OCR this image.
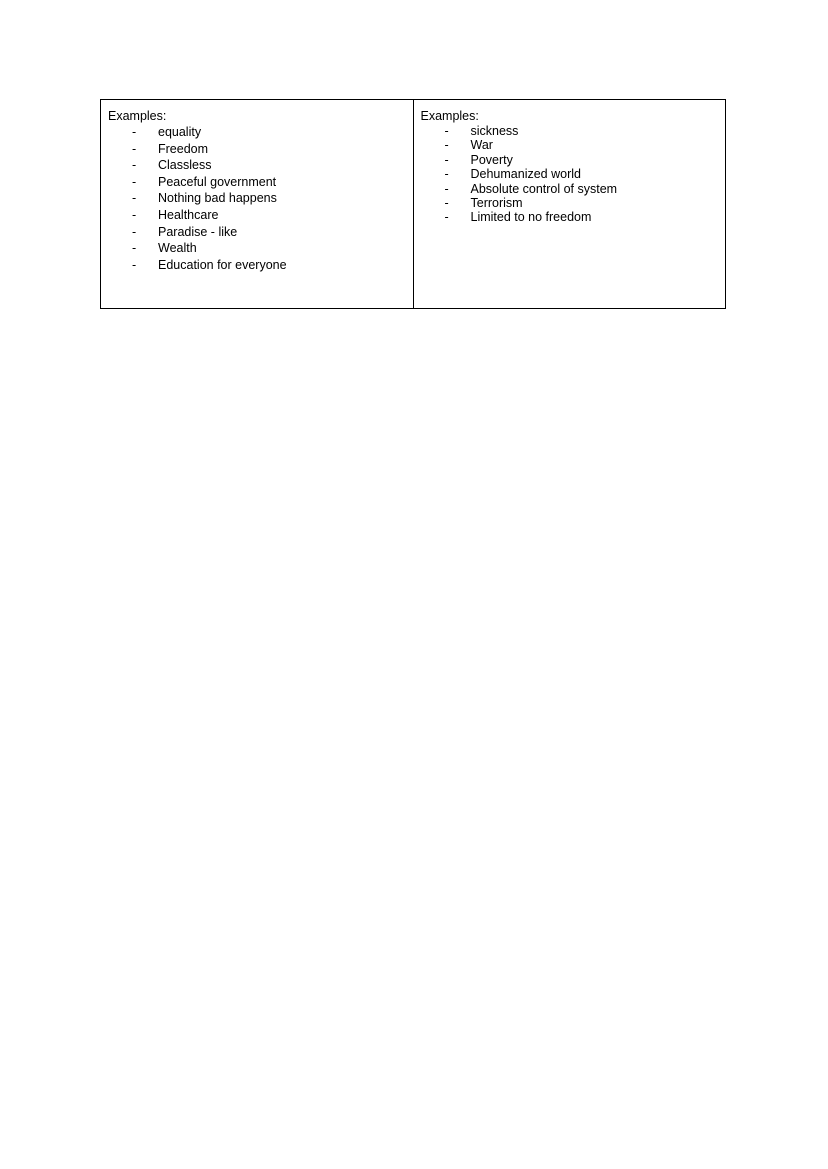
Examples:

-	equality
-	Freedom
-	Classless
-	Peaceful government
-	Nothing bad happens
-	Healthcare
-	Paradise - like
-	Wealth
-	Education for everyone

Examples:

-	sickness
-	War
-	Poverty
-	Dehumanized world
-	Absolute control of system
-	Terrorism
-	Limited to no freedom
